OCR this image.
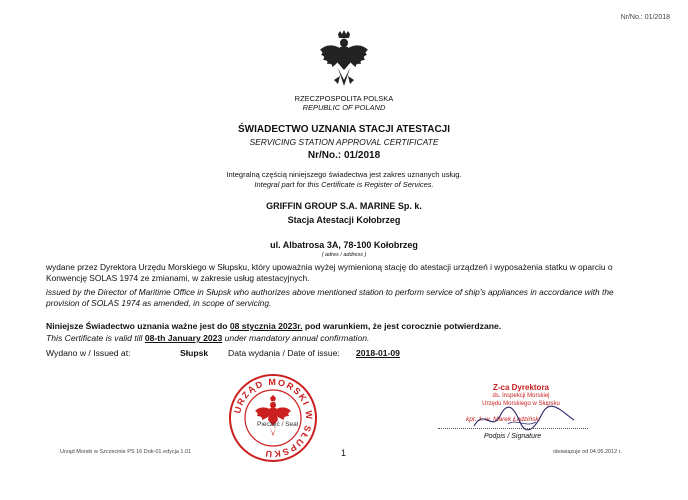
Nr/No.: 01/2018
RZECZPOSPOLITA POLSKA
REPUBLIC OF POLAND
ŚWIADECTWO UZNANIA STACJI ATESTACJI
SERVICING STATION APPROVAL CERTIFICATE
Nr/No.: 01/2018
Integralną częścią niniejszego świadectwa jest zakres uznanych usług.
Integral part for this Certificate is Register of Services.
GRIFFIN GROUP S.A. MARINE Sp. k.
Stacja Atestacji Kołobrzeg
ul. Albatrosa 3A, 78-100 Kołobrzeg
( adres / address )
wydane przez Dyrektora Urzędu Morskiego w Słupsku, który upoważnia wyżej wymienioną stację do atestacji urządzeń i wyposażenia statku w oparciu o Konwencję SOLAS 1974 ze zmianami, w zakresie usług atestacyjnych.
issued by the Director of Maritime Office in Słupsk who authorizes above mentioned station to perform service of ship's appliances in accordance with the provision of SOLAS 1974 as amended, in scope of servicing.
Niniejsze Świadectwo uznania ważne jest do 08 stycznia 2023r. pod warunkiem, że jest corocznie potwierdzane.
This Certificate is valid till 08-th January 2023 under mandatory annual confirmation.
Wydano w / Issued at:	Słupsk Data wydania / Date of issue: 2018-01-09
URZĄD MORSKI W SŁUPSKU
Pieczęć / Seal
Z-ca Dyrektora
ds. Inspekcji Morskiej
Urzędu Morskiego w Słupsku
kpt. ż. w. Marek Ładziński
Podpis / Signature
Urząd Morski w Szczecinie PS 16 Dok-01 edycja 1.01	1	obowiązuje od 04.05.2012 r.
